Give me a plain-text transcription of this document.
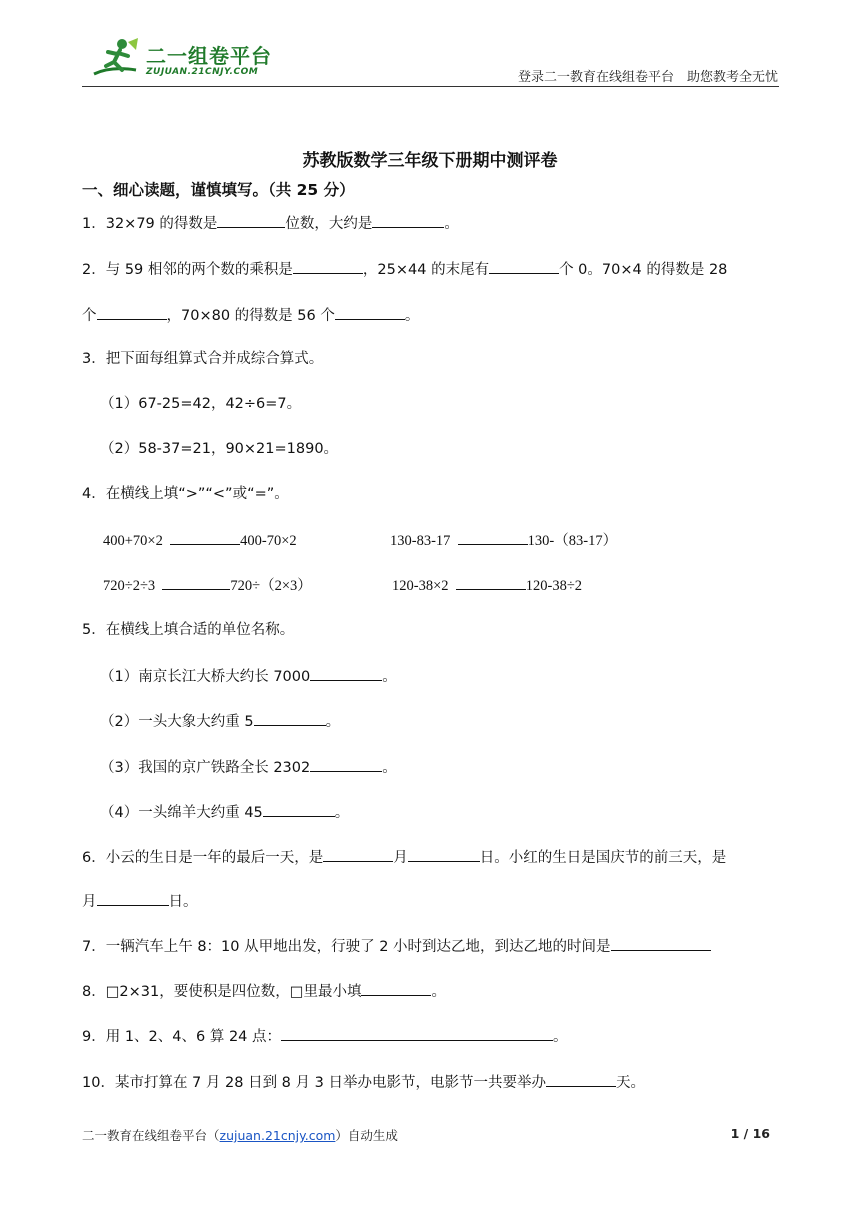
二一组卷平台
ZUJUAN.21CNJY.COM	登录二一教育在线组卷平台　助您教考全无忧
苏教版数学三年级下册期中测评卷
一、细心读题，谨慎填写。（共 25 分）
1．32×79 的得数是	位数，大约是	。
2．与 59 相邻的两个数的乘积是	，25×44 的末尾有	个 0。70×4 的得数是 28
个	，70×80 的得数是 56 个	。
3．把下面每组算式合并成综合算式。
（1）67-25=42，42÷6=7。
（2）58-37=21，90×21=1890。
4．在横线上填“>”“<”或“=”。
400+70×2	400-70×2	130-83-17	130-（83-17）
720÷2÷3	720÷（2×3）	120-38×2	120-38÷2
5．在横线上填合适的单位名称。
（1）南京长江大桥大约长 7000	。
（2）一头大象大约重 5	。
（3）我国的京广铁路全长 2302	。
（4）一头绵羊大约重 45	。
6．小云的生日是一年的最后一天，是	月	日。小红的生日是国庆节的前三天，是
月	日。
7．一辆汽车上午 8：10 从甲地出发，行驶了 2 小时到达乙地，到达乙地的时间是
8．□2×31，要使积是四位数，□里最小填	。
9．用 1、2、4、6 算 24 点：	。
10．某市打算在 7 月 28 日到 8 月 3 日举办电影节，电影节一共要举办	天。
二一教育在线组卷平台（zujuan.21cnjy.com）自动生成	1 / 16
